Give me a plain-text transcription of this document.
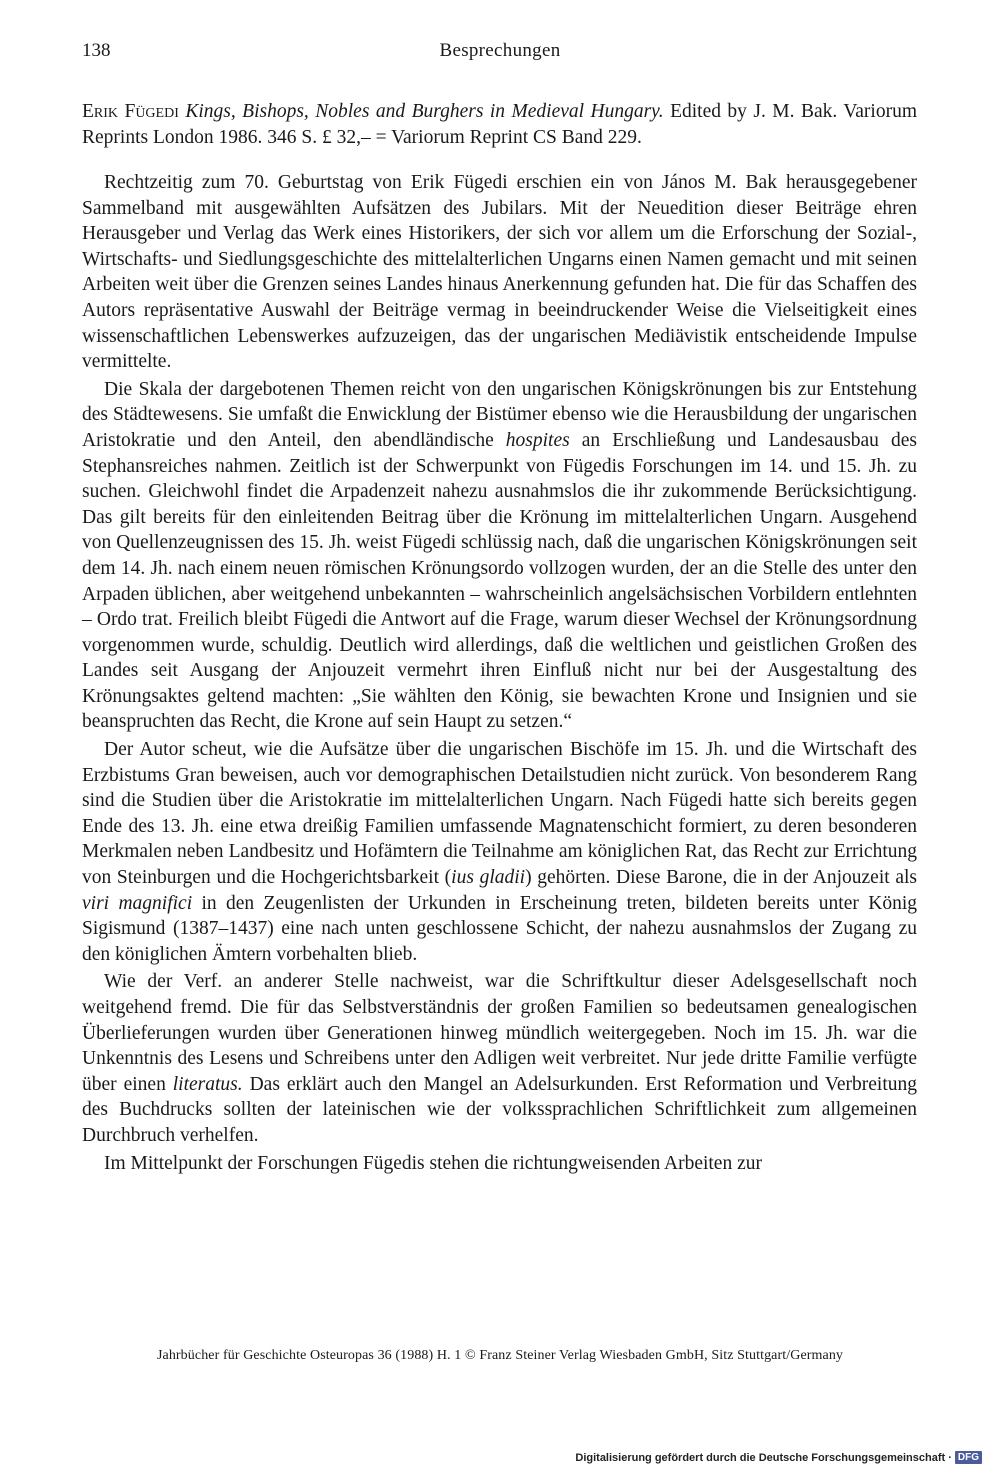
138	Besprechungen
Erik Fügedi Kings, Bishops, Nobles and Burghers in Medieval Hungary. Edited by J. M. Bak. Variorum Reprints London 1986. 346 S. £ 32,– = Variorum Reprint CS Band 229.

Rechtzeitig zum 70. Geburtstag von Erik Fügedi erschien ein von János M. Bak herausgegebener Sammelband mit ausgewählten Aufsätzen des Jubilars. Mit der Neuedition dieser Beiträge ehren Herausgeber und Verlag das Werk eines Historikers, der sich vor allem um die Erforschung der Sozial-, Wirtschafts- und Siedlungsgeschichte des mittelalterlichen Ungarns einen Namen gemacht und mit seinen Arbeiten weit über die Grenzen seines Landes hinaus Anerkennung gefunden hat. Die für das Schaffen des Autors repräsentative Auswahl der Beiträge vermag in beeindruckender Weise die Vielseitigkeit eines wissenschaftlichen Lebenswerkes aufzuzeigen, das der ungarischen Mediävistik entscheidende Impulse vermittelte.

Die Skala der dargebotenen Themen reicht von den ungarischen Königskrönungen bis zur Entstehung des Städtewesens. Sie umfaßt die Enwicklung der Bistümer ebenso wie die Herausbildung der ungarischen Aristokratie und den Anteil, den abendländische hospites an Erschließung und Landesausbau des Stephansreiches nahmen. Zeitlich ist der Schwerpunkt von Fügedis Forschungen im 14. und 15. Jh. zu suchen. Gleichwohl findet die Arpadenzeit nahezu ausnahmslos die ihr zukommende Berücksichtigung. Das gilt bereits für den einleitenden Beitrag über die Krönung im mittelalterlichen Ungarn. Ausgehend von Quellenzeugnissen des 15. Jh. weist Fügedi schlüssig nach, daß die ungarischen Königskrönungen seit dem 14. Jh. nach einem neuen römischen Krönungsordo vollzogen wurden, der an die Stelle des unter den Arpaden üblichen, aber weitgehend unbekannten – wahrscheinlich angelsächsischen Vorbildern entlehnten – Ordo trat. Freilich bleibt Fügedi die Antwort auf die Frage, warum dieser Wechsel der Krönungsordnung vorgenommen wurde, schuldig. Deutlich wird allerdings, daß die weltlichen und geistlichen Großen des Landes seit Ausgang der Anjouzeit vermehrt ihren Einfluß nicht nur bei der Ausgestaltung des Krönungsaktes geltend machten: „Sie wählten den König, sie bewachten Krone und Insignien und sie beanspruchten das Recht, die Krone auf sein Haupt zu setzen.“

Der Autor scheut, wie die Aufsätze über die ungarischen Bischöfe im 15. Jh. und die Wirtschaft des Erzbistums Gran beweisen, auch vor demographischen Detailstudien nicht zurück. Von besonderem Rang sind die Studien über die Aristokratie im mittelalterlichen Ungarn. Nach Fügedi hatte sich bereits gegen Ende des 13. Jh. eine etwa dreißig Familien umfassende Magnatenschicht formiert, zu deren besonderen Merkmalen neben Landbesitz und Hofämtern die Teilnahme am königlichen Rat, das Recht zur Errichtung von Steinburgen und die Hochgerichtsbarkeit (ius gladii) gehörten. Diese Barone, die in der Anjouzeit als viri magnifici in den Zeugenlisten der Urkunden in Erscheinung treten, bildeten bereits unter König Sigismund (1387–1437) eine nach unten geschlossene Schicht, der nahezu ausnahmslos der Zugang zu den königlichen Ämtern vorbehalten blieb.

Wie der Verf. an anderer Stelle nachweist, war die Schriftkultur dieser Adelsgesellschaft noch weitgehend fremd. Die für das Selbstverständnis der großen Familien so bedeutsamen genealogischen Überlieferungen wurden über Generationen hinweg mündlich weitergegeben. Noch im 15. Jh. war die Unkenntnis des Lesens und Schreibens unter den Adligen weit verbreitet. Nur jede dritte Familie verfügte über einen literatus. Das erklärt auch den Mangel an Adelsurkunden. Erst Reformation und Verbreitung des Buchdrucks sollten der lateinischen wie der volkssprachlichen Schriftlichkeit zum allgemeinen Durchbruch verhelfen.

Im Mittelpunkt der Forschungen Fügedis stehen die richtungweisenden Arbeiten zur

Jahrbücher für Geschichte Osteuropas 36 (1988) H. 1 © Franz Steiner Verlag Wiesbaden GmbH, Sitz Stuttgart/Germany
Digitalisierung gefördert durch die Deutsche Forschungsgemeinschaft · DFG
